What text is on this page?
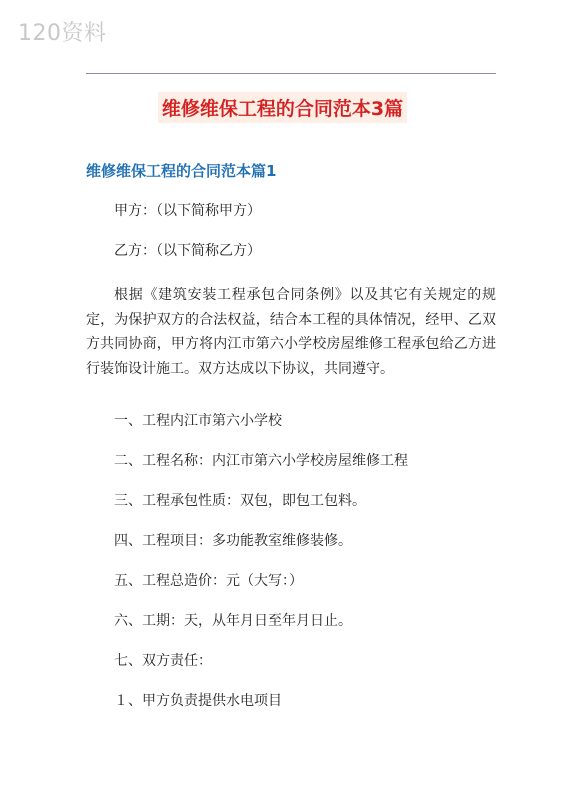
120资料
维修维保工程的合同范本3篇
维修维保工程的合同范本篇1
甲方：（以下简称甲方）
乙方：（以下简称乙方）
根据《建筑安装工程承包合同条例》以及其它有关规定的规定，为保护双方的合法权益，结合本工程的具体情况，经甲、乙双方共同协商，甲方将内江市第六小学校房屋维修工程承包给乙方进行装饰设计施工。双方达成以下协议，共同遵守。
一、工程内江市第六小学校
二、工程名称：内江市第六小学校房屋维修工程
三、工程承包性质：双包，即包工包料。
四、工程项目：多功能教室维修装修。
五、工程总造价：元（大写：）
六、工期：天，从年月日至年月日止。
七、双方责任：
１、甲方负责提供水电项目
